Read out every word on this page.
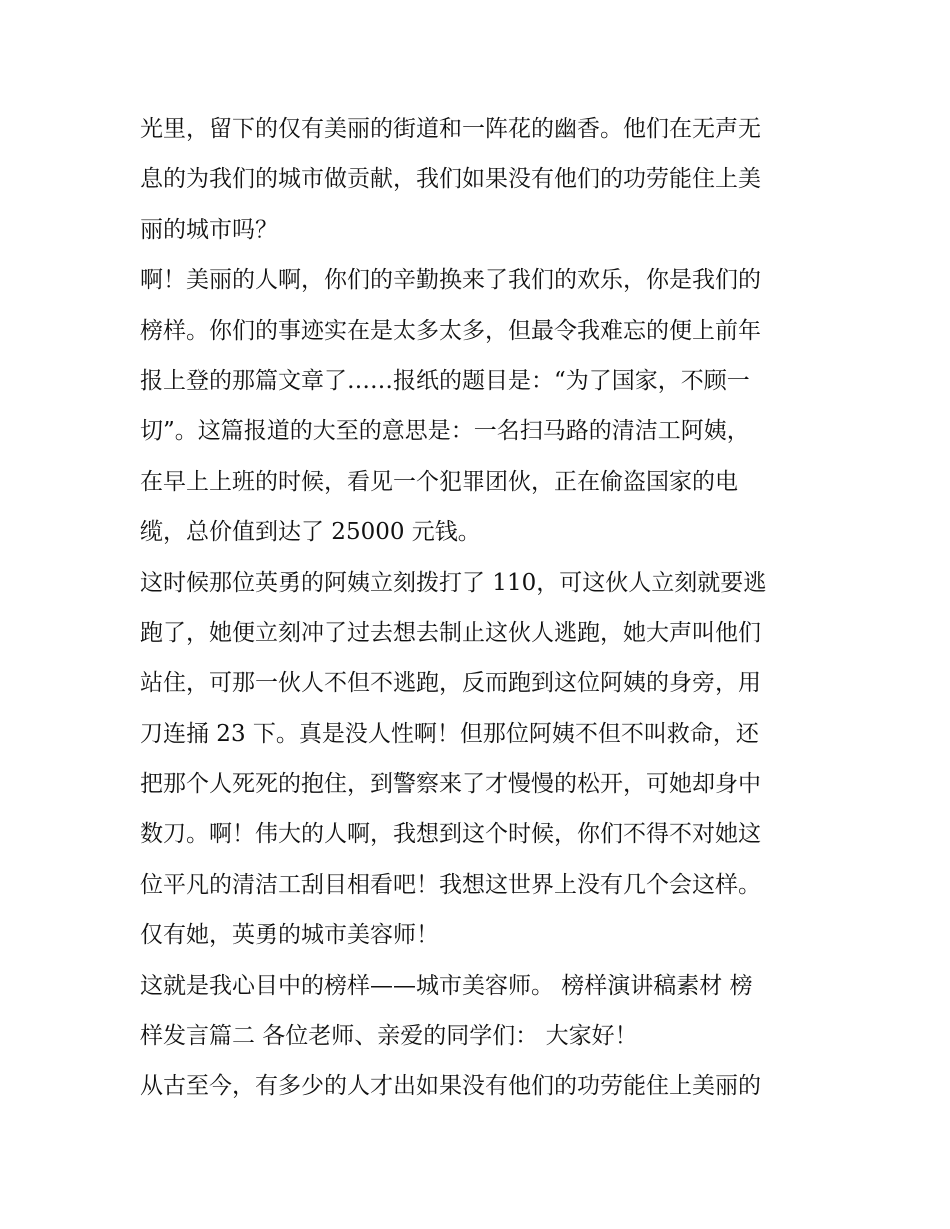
光里，留下的仅有美丽的街道和一阵花的幽香。他们在无声无
息的为我们的城市做贡献，我们如果没有他们的功劳能住上美
丽的城市吗？

啊！美丽的人啊，你们的辛勤换来了我们的欢乐，你是我们的
榜样。你们的事迹实在是太多太多，但最令我难忘的便上前年
报上登的那篇文章了……报纸的题目是：“为了国家，不顾一
切”。这篇报道的大至的意思是：一名扫马路的清洁工阿姨，
在早上上班的时候，看见一个犯罪团伙，正在偷盗国家的电
缆，总价值到达了 25000 元钱。

这时候那位英勇的阿姨立刻拨打了 110，可这伙人立刻就要逃
跑了，她便立刻冲了过去想去制止这伙人逃跑，她大声叫他们
站住，可那一伙人不但不逃跑，反而跑到这位阿姨的身旁，用
刀连捅 23 下。真是没人性啊！但那位阿姨不但不叫救命，还
把那个人死死的抱住，到警察来了才慢慢的松开，可她却身中
数刀。啊！伟大的人啊，我想到这个时候，你们不得不对她这
位平凡的清洁工刮目相看吧！我想这世界上没有几个会这样。
仅有她，英勇的城市美容师！

这就是我心目中的榜样——城市美容师。 榜样演讲稿素材 榜
样发言篇二 各位老师、亲爱的同学们： 大家好！

从古至今，有多少的人才出如果没有他们的功劳能住上美丽的
